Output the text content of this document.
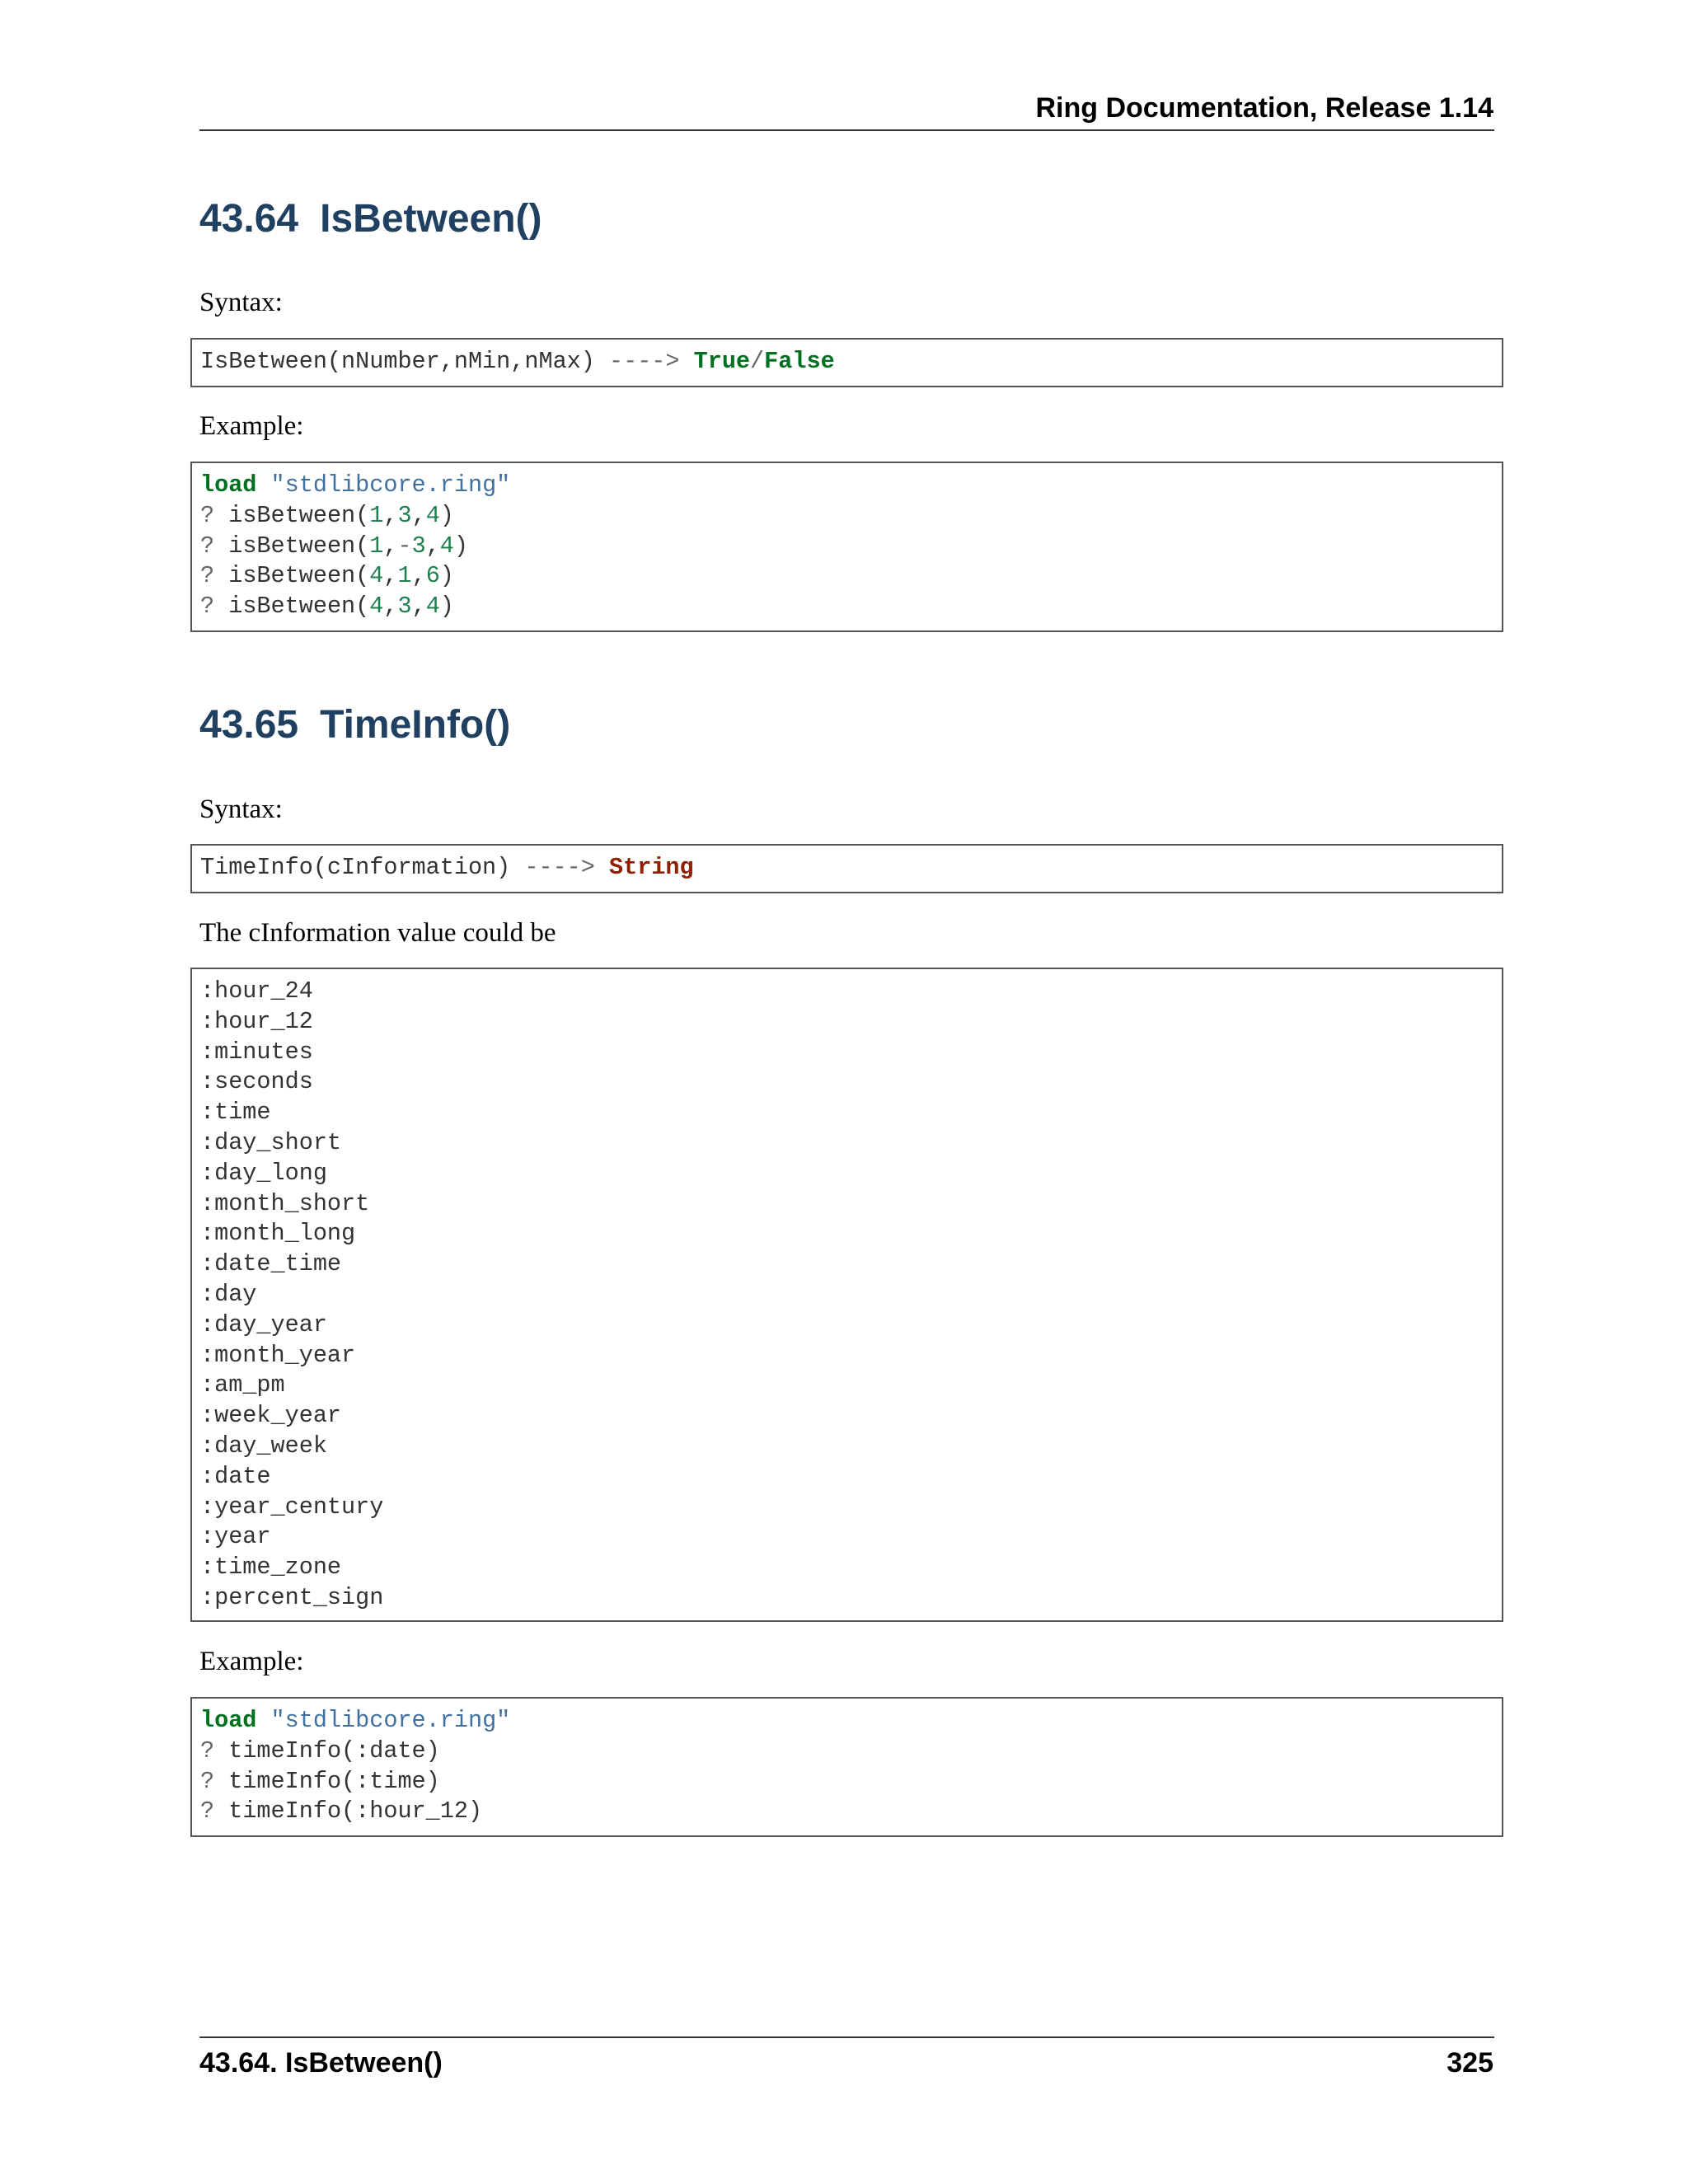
Ring Documentation, Release 1.14
43.64 IsBetween()
Syntax:
IsBetween(nNumber,nMin,nMax) ----> True/False
Example:
load "stdlibcore.ring"
? isBetween(1,3,4)
? isBetween(1,-3,4)
? isBetween(4,1,6)
? isBetween(4,3,4)
43.65 TimeInfo()
Syntax:
TimeInfo(cInformation) ----> String
The cInformation value could be
:hour_24
:hour_12
:minutes
:seconds
:time
:day_short
:day_long
:month_short
:month_long
:date_time
:day
:day_year
:month_year
:am_pm
:week_year
:day_week
:date
:year_century
:year
:time_zone
:percent_sign
Example:
load "stdlibcore.ring"
? timeInfo(:date)
? timeInfo(:time)
? timeInfo(:hour_12)
43.64. IsBetween()	325
